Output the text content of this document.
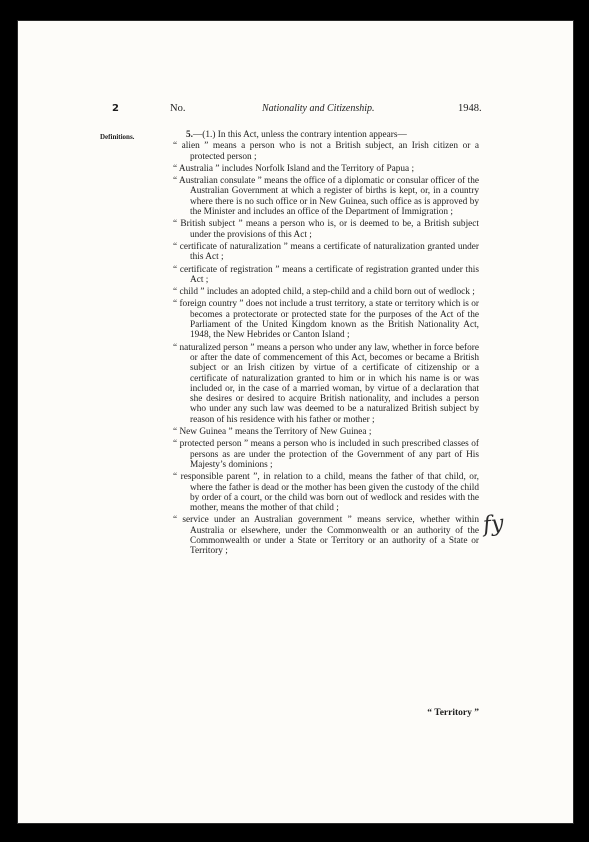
2	No.	Nationality and Citizenship.	1948.
Definitions.	5.—(1.) In this Act, unless the contrary intention appears—
“ alien ” means a person who is not a British subject, an Irish citizen or a protected person ;
“ Australia ” includes Norfolk Island and the Territory of Papua ;
“ Australian consulate ” means the office of a diplomatic or consular officer of the Australian Government at which a register of births is kept, or, in a country where there is no such office or in New Guinea, such office as is approved by the Minister and includes an office of the Department of Immigration ;
“ British subject ” means a person who is, or is deemed to be, a British subject under the provisions of this Act ;
“ certificate of naturalization ” means a certificate of naturalization granted under this Act ;
“ certificate of registration ” means a certificate of registration granted under this Act ;
“ child ” includes an adopted child, a step-child and a child born out of wedlock ;
“ foreign country ” does not include a trust territory, a state or territory which is or becomes a protectorate or protected state for the purposes of the Act of the Parliament of the United Kingdom known as the British Nationality Act, 1948, the New Hebrides or Canton Island ;
“ naturalized person ” means a person who under any law, whether in force before or after the date of commencement of this Act, becomes or became a British subject or an Irish citizen by virtue of a certificate of citizenship or a certificate of naturalization granted to him or in which his name is or was included or, in the case of a married woman, by virtue of a declaration that she desires or desired to acquire British nationality, and includes a person who under any such law was deemed to be a naturalized British subject by reason of his residence with his father or mother ;
“ New Guinea ” means the Territory of New Guinea ;
“ protected person ” means a person who is included in such prescribed classes of persons as are under the protection of the Government of any part of His Majesty’s dominions ;
“ responsible parent ”, in relation to a child, means the father of that child, or, where the father is dead or the mother has been given the custody of the child by order of a court, or the child was born out of wedlock and resides with the mother, means the mother of that child ;
“ service under an Australian government ” means service, whether within Australia or elsewhere, under the Commonwealth or an authority of the Commonwealth or under a State or Territory or an authority of a State or Territory ;
“ Territory ”
fy
